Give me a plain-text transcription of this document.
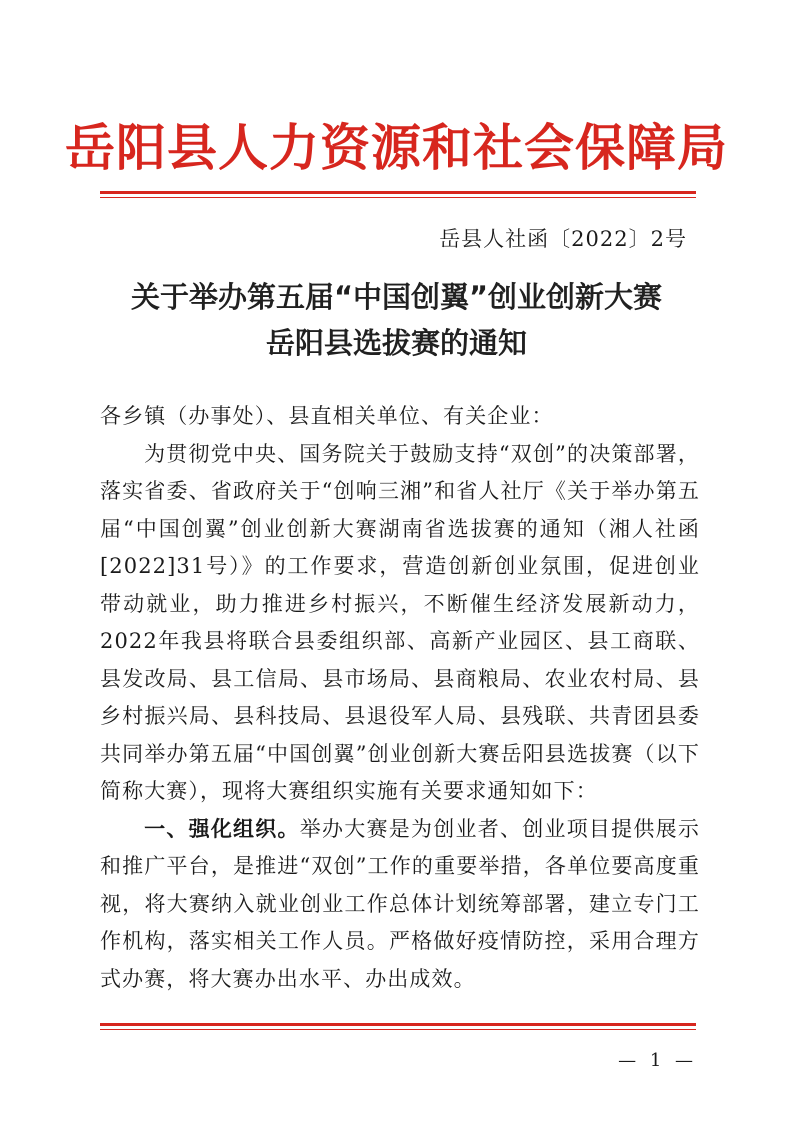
岳阳县人力资源和社会保障局
岳县人社函〔2022〕2号
关于举办第五届“中国创翼”创业创新大赛
岳阳县选拔赛的通知
各乡镇（办事处）、县直相关单位、有关企业：

为贯彻党中央、国务院关于鼓励支持“双创”的决策部署，落实省委、省政府关于“创响三湘”和省人社厅《关于举办第五届“中国创翼”创业创新大赛湖南省选拔赛的通知（湘人社函[2022]31号）》的工作要求，营造创新创业氛围，促进创业带动就业，助力推进乡村振兴，不断催生经济发展新动力，2022年我县将联合县委组织部、高新产业园区、县工商联、县发改局、县工信局、县市场局、县商粮局、农业农村局、县乡村振兴局、县科技局、县退役军人局、县残联、共青团县委共同举办第五届“中国创翼”创业创新大赛岳阳县选拔赛（以下简称大赛），现将大赛组织实施有关要求通知如下：

一、强化组织。举办大赛是为创业者、创业项目提供展示和推广平台，是推进“双创”工作的重要举措，各单位要高度重视，将大赛纳入就业创业工作总体计划统筹部署，建立专门工作机构，落实相关工作人员。严格做好疫情防控，采用合理方式办赛，将大赛办出水平、办出成效。

— 1 —
